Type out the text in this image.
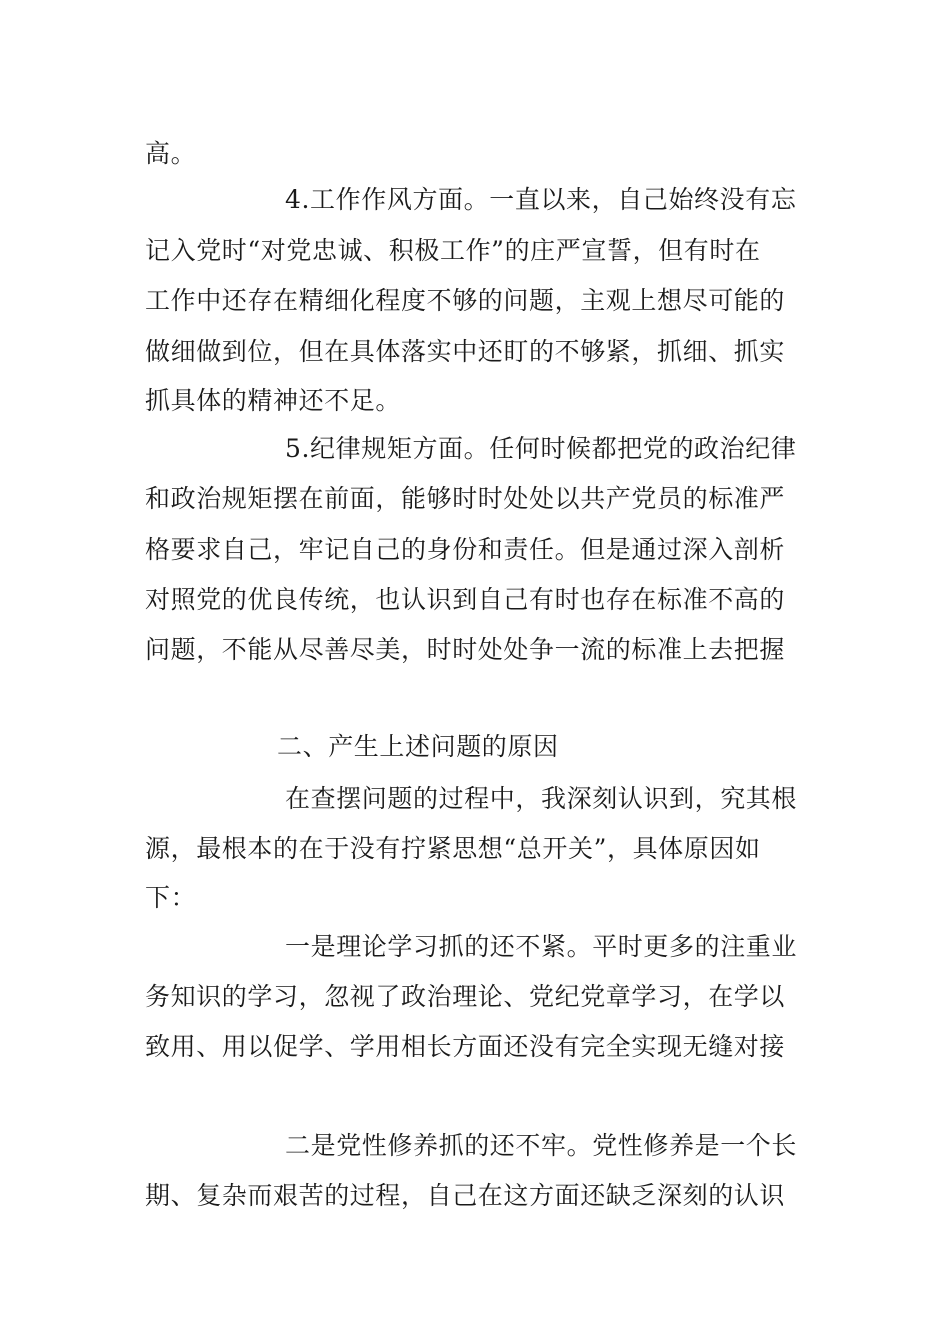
高。
4.工作作风方面。一直以来，自己始终没有忘
记入党时“对党忠诚、积极工作”的庄严宣誓，但有时在
工作中还存在精细化程度不够的问题，主观上想尽可能的
做细做到位，但在具体落实中还盯的不够紧，抓细、抓实
抓具体的精神还不足。
5.纪律规矩方面。任何时候都把党的政治纪律
和政治规矩摆在前面，能够时时处处以共产党员的标准严
格要求自己，牢记自己的身份和责任。但是通过深入剖析
对照党的优良传统，也认识到自己有时也存在标准不高的
问题，不能从尽善尽美，时时处处争一流的标准上去把握
二、产生上述问题的原因
在查摆问题的过程中，我深刻认识到，究其根
源，最根本的在于没有拧紧思想“总开关”，具体原因如
下：
一是理论学习抓的还不紧。平时更多的注重业
务知识的学习，忽视了政治理论、党纪党章学习，在学以
致用、用以促学、学用相长方面还没有完全实现无缝对接
二是党性修养抓的还不牢。党性修养是一个长
期、复杂而艰苦的过程，自己在这方面还缺乏深刻的认识
